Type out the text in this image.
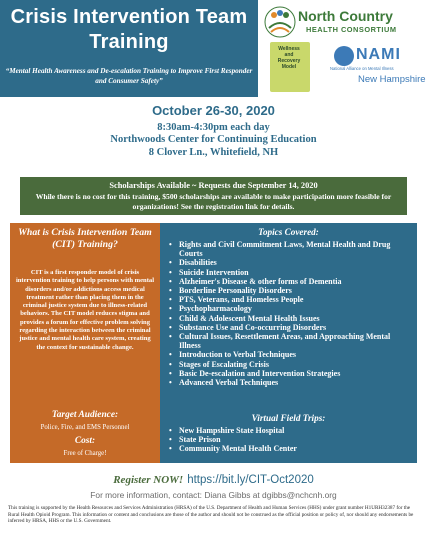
Crisis Intervention Team
Training
“Mental Health Awareness and De-escalation Training to Improve First Responder and Consumer Safety”
North Country
HEALTH CONSORTIUM
Wellness and Recovery Model
NAMI
National Alliance on Mental Illness
New Hampshire
October 26-30, 2020
8:30am-4:30pm each day
Northwoods Center for Continuing Education
8 Clover Ln., Whitefield, NH
Scholarships Available ~ Requests due September 14, 2020
While there is no cost for this training, $500 scholarships are available to make participation more feasible for organizations! See the registration link for details.
What is Crisis Intervention Team (CIT) Training?
CIT is a first responder model of crisis intervention training to help persons with mental disorders and/or addictions access medical treatment rather than placing them in the criminal justice system due to illness-related behaviors. The CIT model reduces stigma and provides a forum for effective problem solving regarding the interaction between the criminal justice and mental health care system, creating the context for sustainable change.
Target Audience:
Police, Fire, and EMS Personnel
Cost:
Free of Charge!
Topics Covered:
• Rights and Civil Commitment Laws, Mental Health and Drug Courts
• Disabilities
• Suicide Intervention
• Alzheimer's Disease & other forms of Dementia
• Borderline Personality Disorders
• PTS, Veterans, and Homeless People
• Psychopharmacology
• Child & Adolescent Mental Health Issues
• Substance Use and Co-occurring Disorders
• Cultural Issues, Resettlement Areas, and Approaching Mental Illness
• Introduction to Verbal Techniques
• Stages of Escalating Crisis
• Basic De-escalation and Intervention Strategies
• Advanced Verbal Techniques
Virtual Field Trips:
• New Hampshire State Hospital
• State Prison
• Community Mental Health Center
Register NOW! https://bit.ly/CIT-Oct2020
For more information, contact: Diana Gibbs at dgibbs@nchcnh.org
This training is supported by the Health Resources and Services Administration (HRSA) of the U.S. Department of Health and Human Services (HHS) under grant number H1URH32387 for the Rural Health Opioid Program. This information or content and conclusions are those of the author and should not be construed as the official position or policy of, nor should any endorsements be inferred by HRSA, HHS or the U.S. Government.
